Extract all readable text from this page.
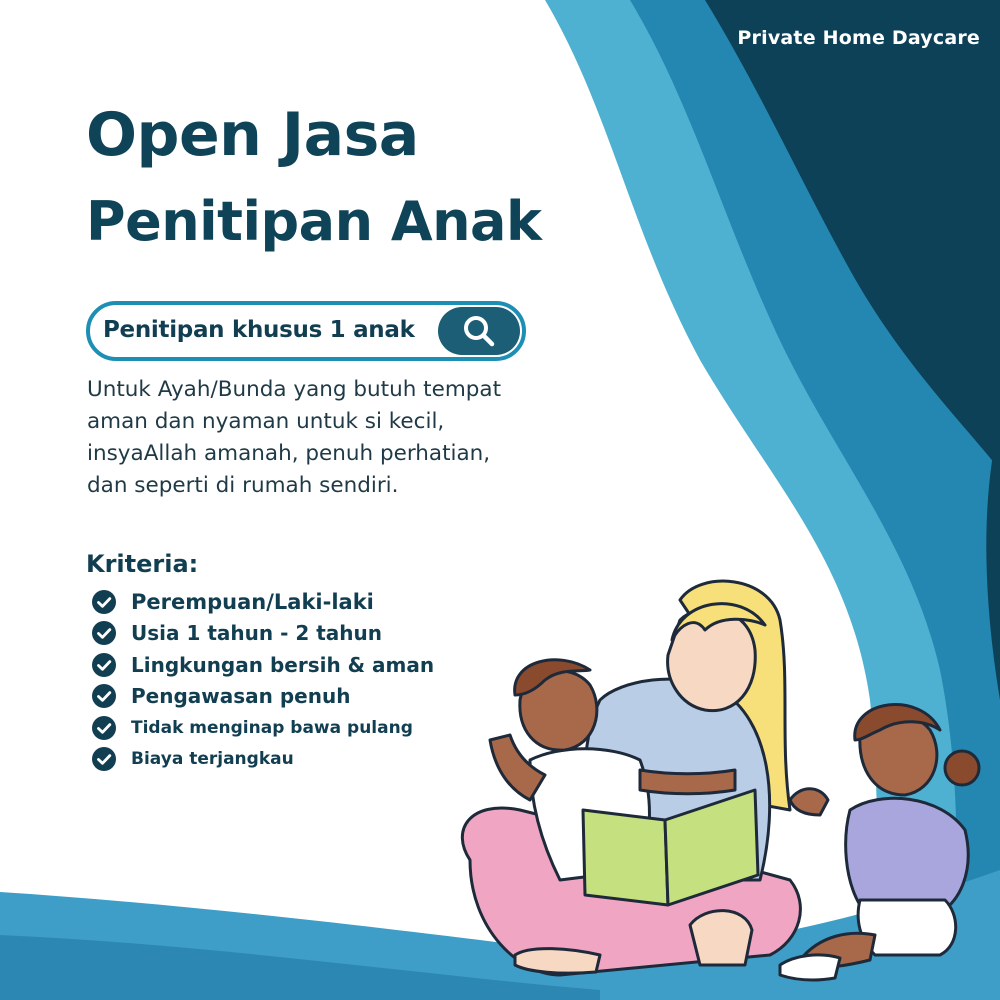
Private Home Daycare
Open Jasa
Penitipan Anak
Penitipan khusus 1 anak

Untuk Ayah/Bunda yang butuh tempat aman dan nyaman untuk si kecil, insyaAllah amanah, penuh perhatian, dan seperti di rumah sendiri.

Kriteria:
Perempuan/Laki-laki
Usia 1 tahun - 2 tahun
Lingkungan bersih & aman
Pengawasan penuh
Tidak menginap bawa pulang
Biaya terjangkau
